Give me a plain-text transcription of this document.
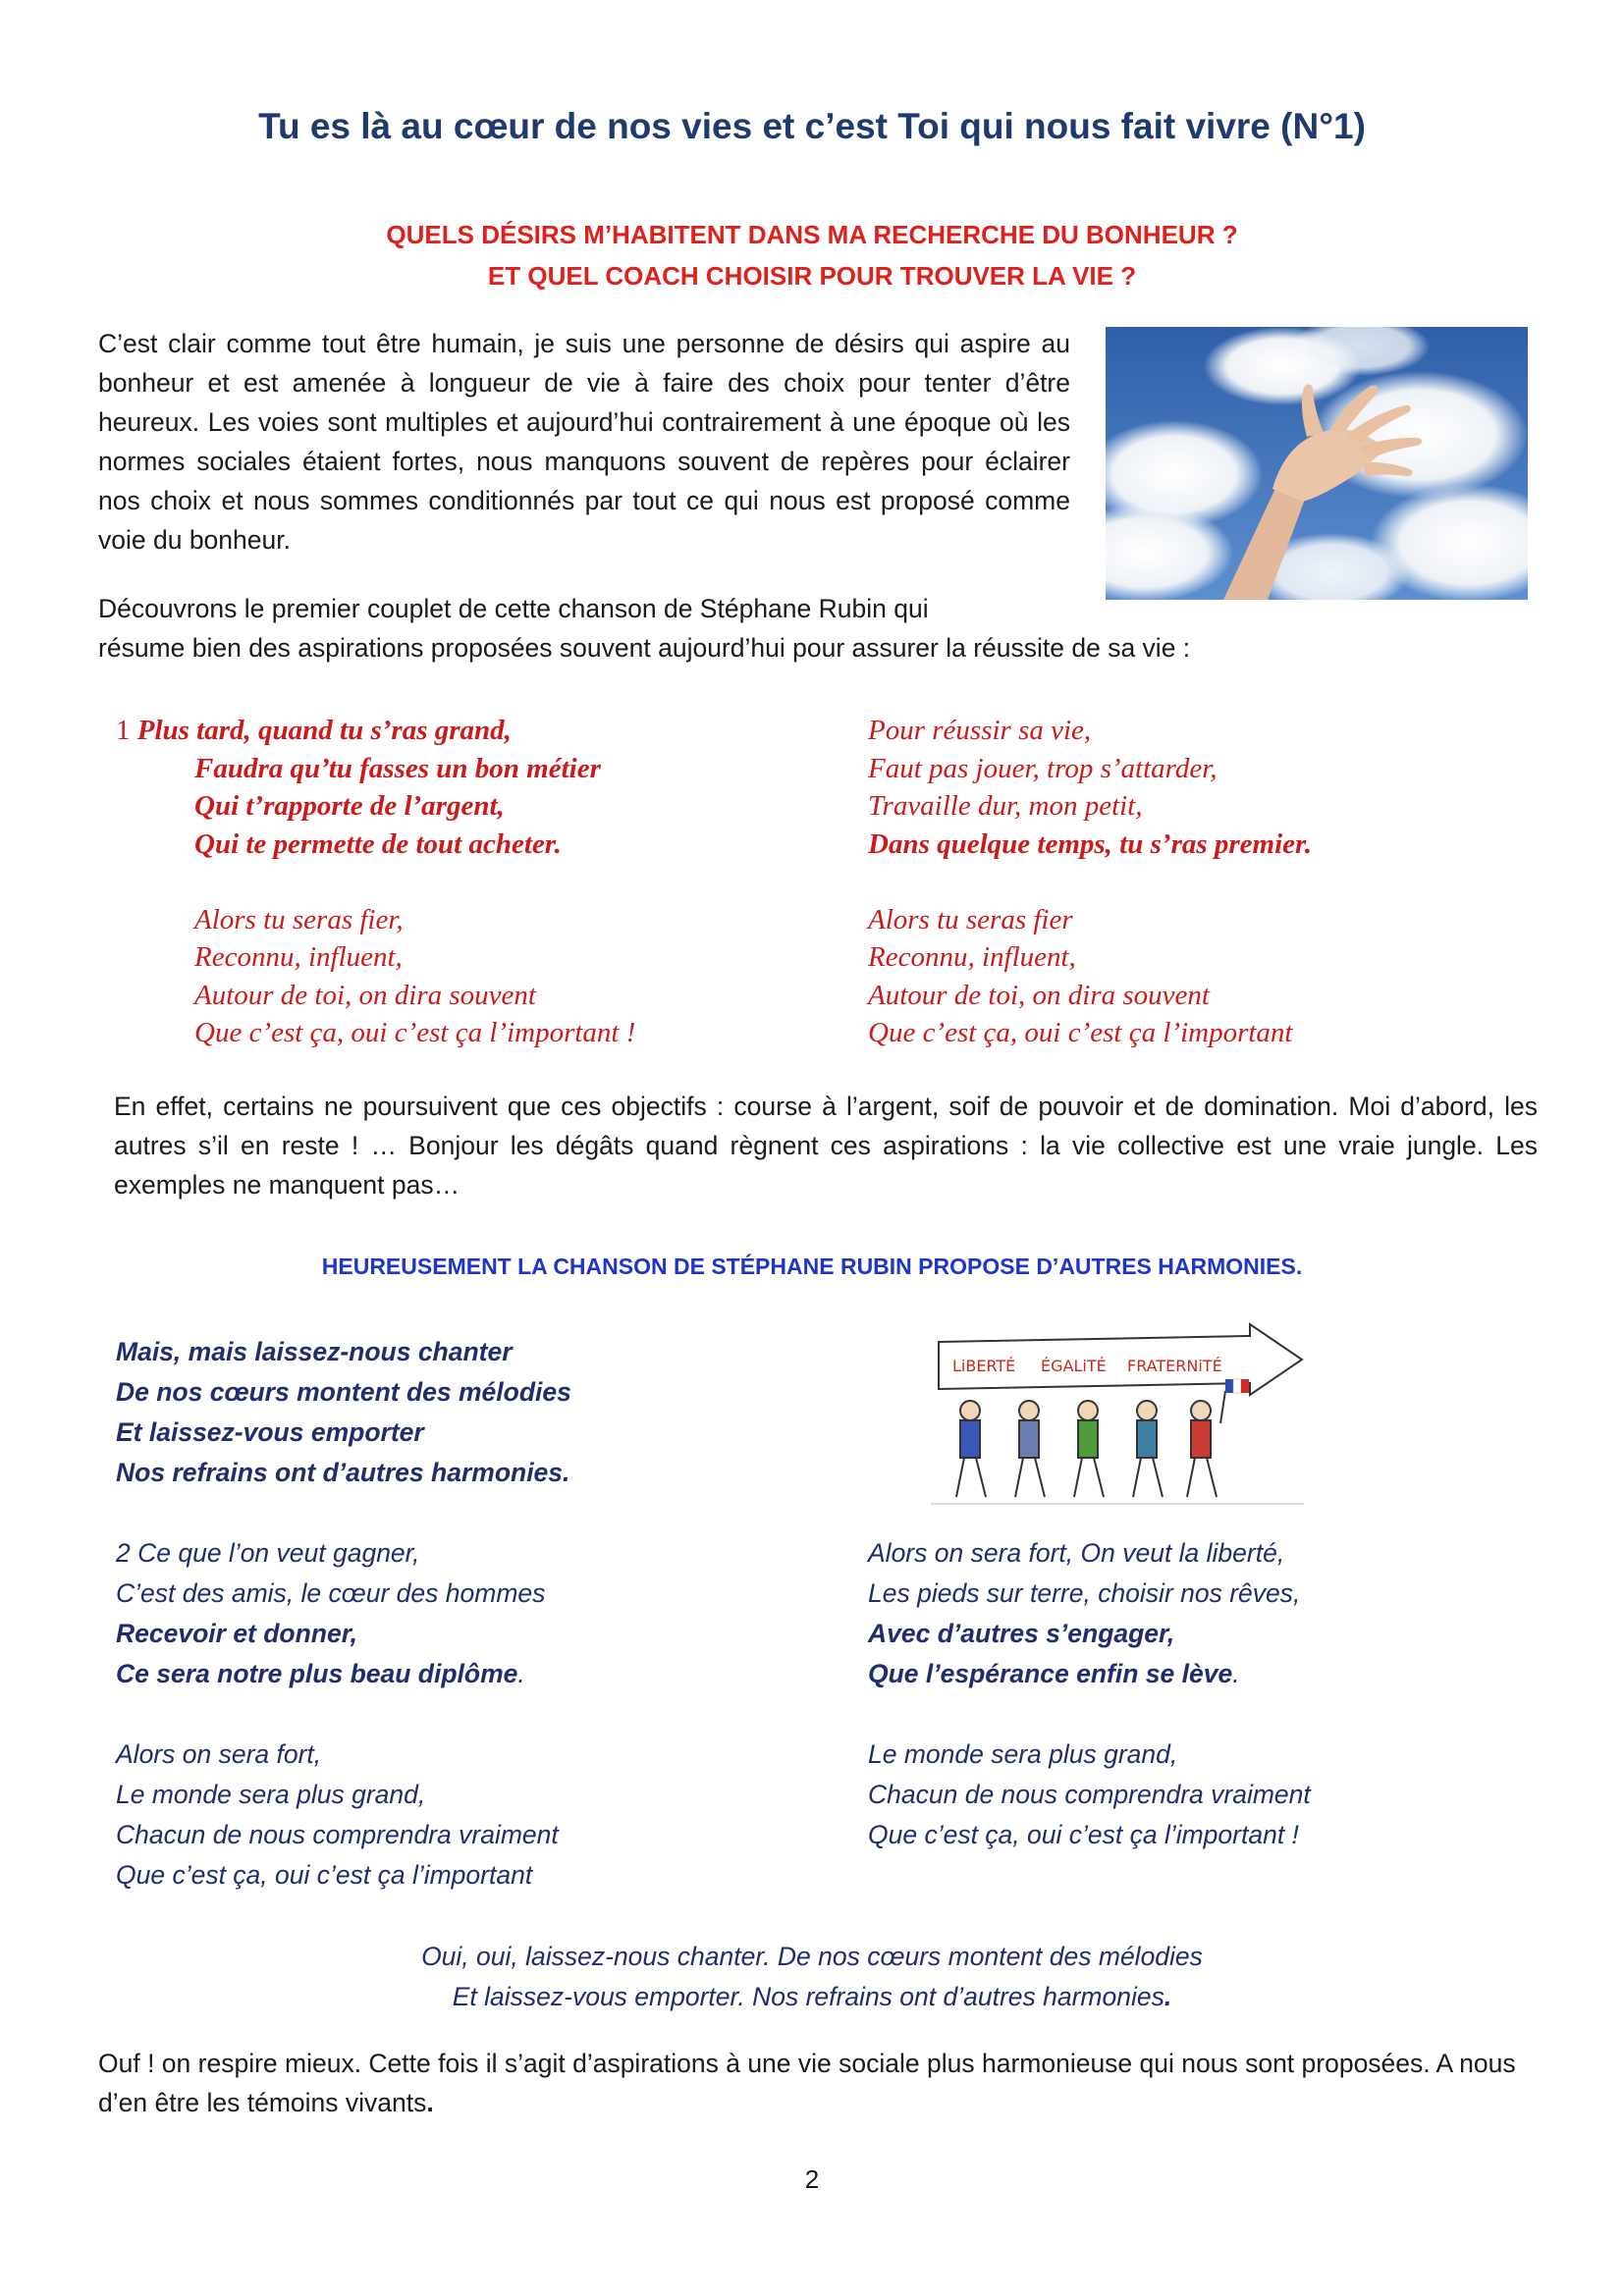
Tu es là au cœur de nos vies et c’est Toi qui nous fait vivre (N°1)
QUELS DÉSIRS M’HABITENT DANS MA RECHERCHE DU BONHEUR ?
ET QUEL COACH CHOISIR POUR TROUVER LA VIE ?
C’est clair comme tout être humain, je suis une personne de désirs qui aspire au bonheur et est amenée à longueur de vie à faire des choix pour tenter d’être heureux. Les voies sont multiples et aujourd’hui contrairement à une époque où les normes sociales étaient fortes, nous manquons souvent de repères pour éclairer nos choix et nous sommes conditionnés par tout ce qui nous est proposé comme voie du bonheur.
Découvrons le premier couplet de cette chanson de Stéphane Rubin qui
résume bien des aspirations proposées souvent aujourd’hui pour assurer la réussite de sa vie :
1 Plus tard, quand tu s’ras grand,
Faudra qu’tu fasses un bon métier
Qui t’rapporte de l’argent,
Qui te permette de tout acheter.

Alors tu seras fier,
Reconnu, influent,
Autour de toi, on dira souvent
Que c’est ça, oui c’est ça l’important !
Pour réussir sa vie,
Faut pas jouer, trop s’attarder,
Travaille dur, mon petit,
Dans quelque temps, tu s’ras premier.

Alors tu seras fier
Reconnu, influent,
Autour de toi, on dira souvent
Que c’est ça, oui c’est ça l’important
En effet, certains ne poursuivent que ces objectifs : course à l’argent, soif de pouvoir et de domination. Moi d’abord, les autres s’il en reste ! … Bonjour les dégâts quand règnent ces aspirations : la vie collective est une vraie jungle. Les exemples ne manquent pas…
HEUREUSEMENT LA CHANSON DE STÉPHANE RUBIN PROPOSE D’AUTRES HARMONIES.
Mais, mais laissez-nous chanter
De nos cœurs montent des mélodies
Et laissez-vous emporter
Nos refrains ont d’autres harmonies.
LiBERTÉ ÉGALiTÉ FRATERNiTÉ
2 Ce que l’on veut gagner,
C’est des amis, le cœur des hommes
Recevoir et donner,
Ce sera notre plus beau diplôme.

Alors on sera fort,
Le monde sera plus grand,
Chacun de nous comprendra vraiment
Que c’est ça, oui c’est ça l’important
Alors on sera fort, On veut la liberté,
Les pieds sur terre, choisir nos rêves,
Avec d’autres s’engager,
Que l’espérance enfin se lève.

Le monde sera plus grand,
Chacun de nous comprendra vraiment
Que c’est ça, oui c’est ça l’important !
Oui, oui, laissez-nous chanter. De nos cœurs montent des mélodies
Et laissez-vous emporter. Nos refrains ont d’autres harmonies.
Ouf ! on respire mieux. Cette fois il s’agit d’aspirations à une vie sociale plus harmonieuse qui nous sont proposées. A nous d’en être les témoins vivants.
2
